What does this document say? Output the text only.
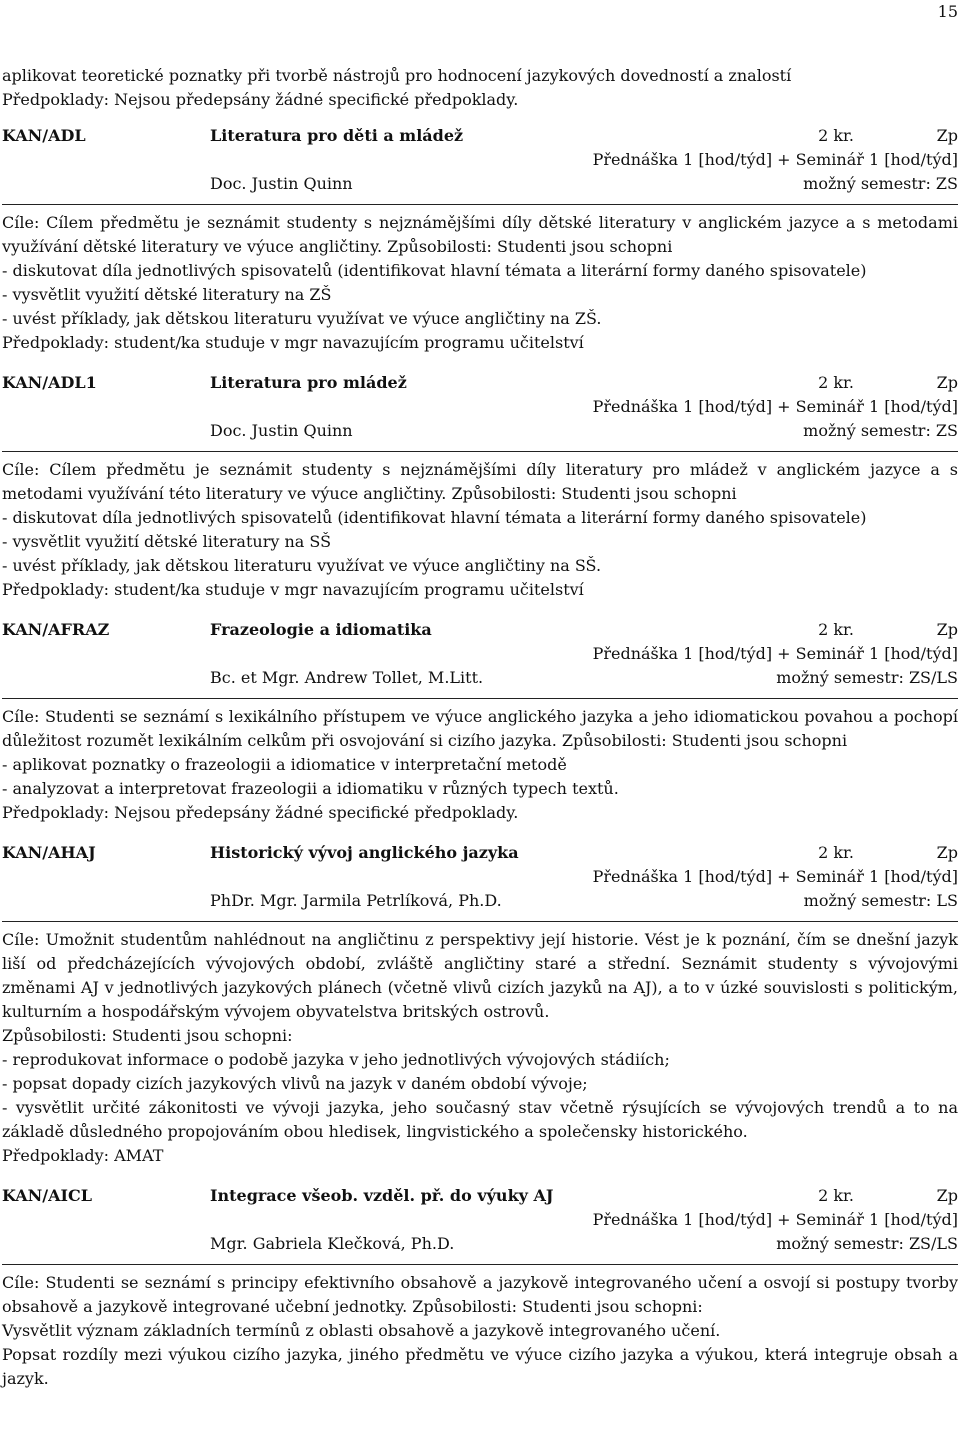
15
aplikovat teoretické poznatky při tvorbě nástrojů pro hodnocení jazykových dovedností a znalostí
Předpoklady: Nejsou předepsány žádné specifické předpoklady.
KAN/ADL	Literatura pro děti a mládež	2 kr.	Zp
Přednáška 1 [hod/týd] + Seminář 1 [hod/týd]
Doc. Justin Quinn	možný semestr: ZS

Cíle: Cílem předmětu je seznámit studenty s nejznámějšími díly dětské literatury v anglickém jazyce a s metodami využívání dětské literatury ve výuce angličtiny. Způsobilosti: Studenti jsou schopni

- diskutovat díla jednotlivých spisovatelů (identifikovat hlavní témata a literární formy daného spisovatele)

- vysvětlit využití dětské literatury na ZŠ

- uvést příklady, jak dětskou literaturu využívat ve výuce angličtiny na ZŠ.

Předpoklady: student/ka studuje v mgr navazujícím programu učitelství

KAN/ADL1	Literatura pro mládež	2 kr.	Zp
Přednáška 1 [hod/týd] + Seminář 1 [hod/týd]
Doc. Justin Quinn	možný semestr: ZS

Cíle: Cílem předmětu je seznámit studenty s nejznámějšími díly literatury pro mládež v anglickém jazyce a s metodami využívání této literatury ve výuce angličtiny. Způsobilosti: Studenti jsou schopni

- diskutovat díla jednotlivých spisovatelů (identifikovat hlavní témata a literární formy daného spisovatele)

- vysvětlit využití dětské literatury na SŠ

- uvést příklady, jak dětskou literaturu využívat ve výuce angličtiny na SŠ.

Předpoklady: student/ka studuje v mgr navazujícím programu učitelství

KAN/AFRAZ	Frazeologie a idiomatika	2 kr.	Zp
Přednáška 1 [hod/týd] + Seminář 1 [hod/týd]
Bc. et Mgr. Andrew Tollet, M.Litt.	možný semestr: ZS/LS

Cíle: Studenti se seznámí s lexikálního přístupem ve výuce anglického jazyka a jeho idiomatickou povahou a pochopí důležitost rozumět lexikálním celkům při osvojování si cizího jazyka. Způsobilosti: Studenti jsou schopni

- aplikovat poznatky o frazeologii a idiomatice v interpretační metodě

- analyzovat a interpretovat frazeologii a idiomatiku v různých typech textů.

Předpoklady: Nejsou předepsány žádné specifické předpoklady.

KAN/AHAJ	Historický vývoj anglického jazyka	2 kr.	Zp
Přednáška 1 [hod/týd] + Seminář 1 [hod/týd]
PhDr. Mgr. Jarmila Petrlíková, Ph.D.	možný semestr: LS

Cíle: Umožnit studentům nahlédnout na angličtinu z perspektivy její historie. Vést je k poznání, čím se dnešní jazyk liší od předcházejících vývojových období, zvláště angličtiny staré a střední. Seznámit studenty s vývojovými změnami AJ v jednotlivých jazykových plánech (včetně vlivů cizích jazyků na AJ), a to v úzké souvislosti s politickým, kulturním a hospodářským vývojem obyvatelstva britských ostrovů.

Způsobilosti: Studenti jsou schopni:

- reprodukovat informace o podobě jazyka v jeho jednotlivých vývojových stádiích;

- popsat dopady cizích jazykových vlivů na jazyk v daném období vývoje;

- vysvětlit určité zákonitosti ve vývoji jazyka, jeho současný stav včetně rýsujících se vývojových trendů a to na základě důsledného propojováním obou hledisek, lingvistického a společensky historického.

Předpoklady: AMAT

KAN/AICL	Integrace všeob. vzděl. př. do výuky AJ	2 kr.	Zp
Přednáška 1 [hod/týd] + Seminář 1 [hod/týd]
Mgr. Gabriela Klečková, Ph.D.	možný semestr: ZS/LS

Cíle: Studenti se seznámí s principy efektivního obsahově a jazykově integrovaného učení a osvojí si postupy tvorby obsahově a jazykově integrované učební jednotky. Způsobilosti: Studenti jsou schopni:

Vysvětlit význam základních termínů z oblasti obsahově a jazykově integrovaného učení.

Popsat rozdíly mezi výukou cizího jazyka, jiného předmětu ve výuce cizího jazyka a výukou, která integruje obsah a jazyk.
